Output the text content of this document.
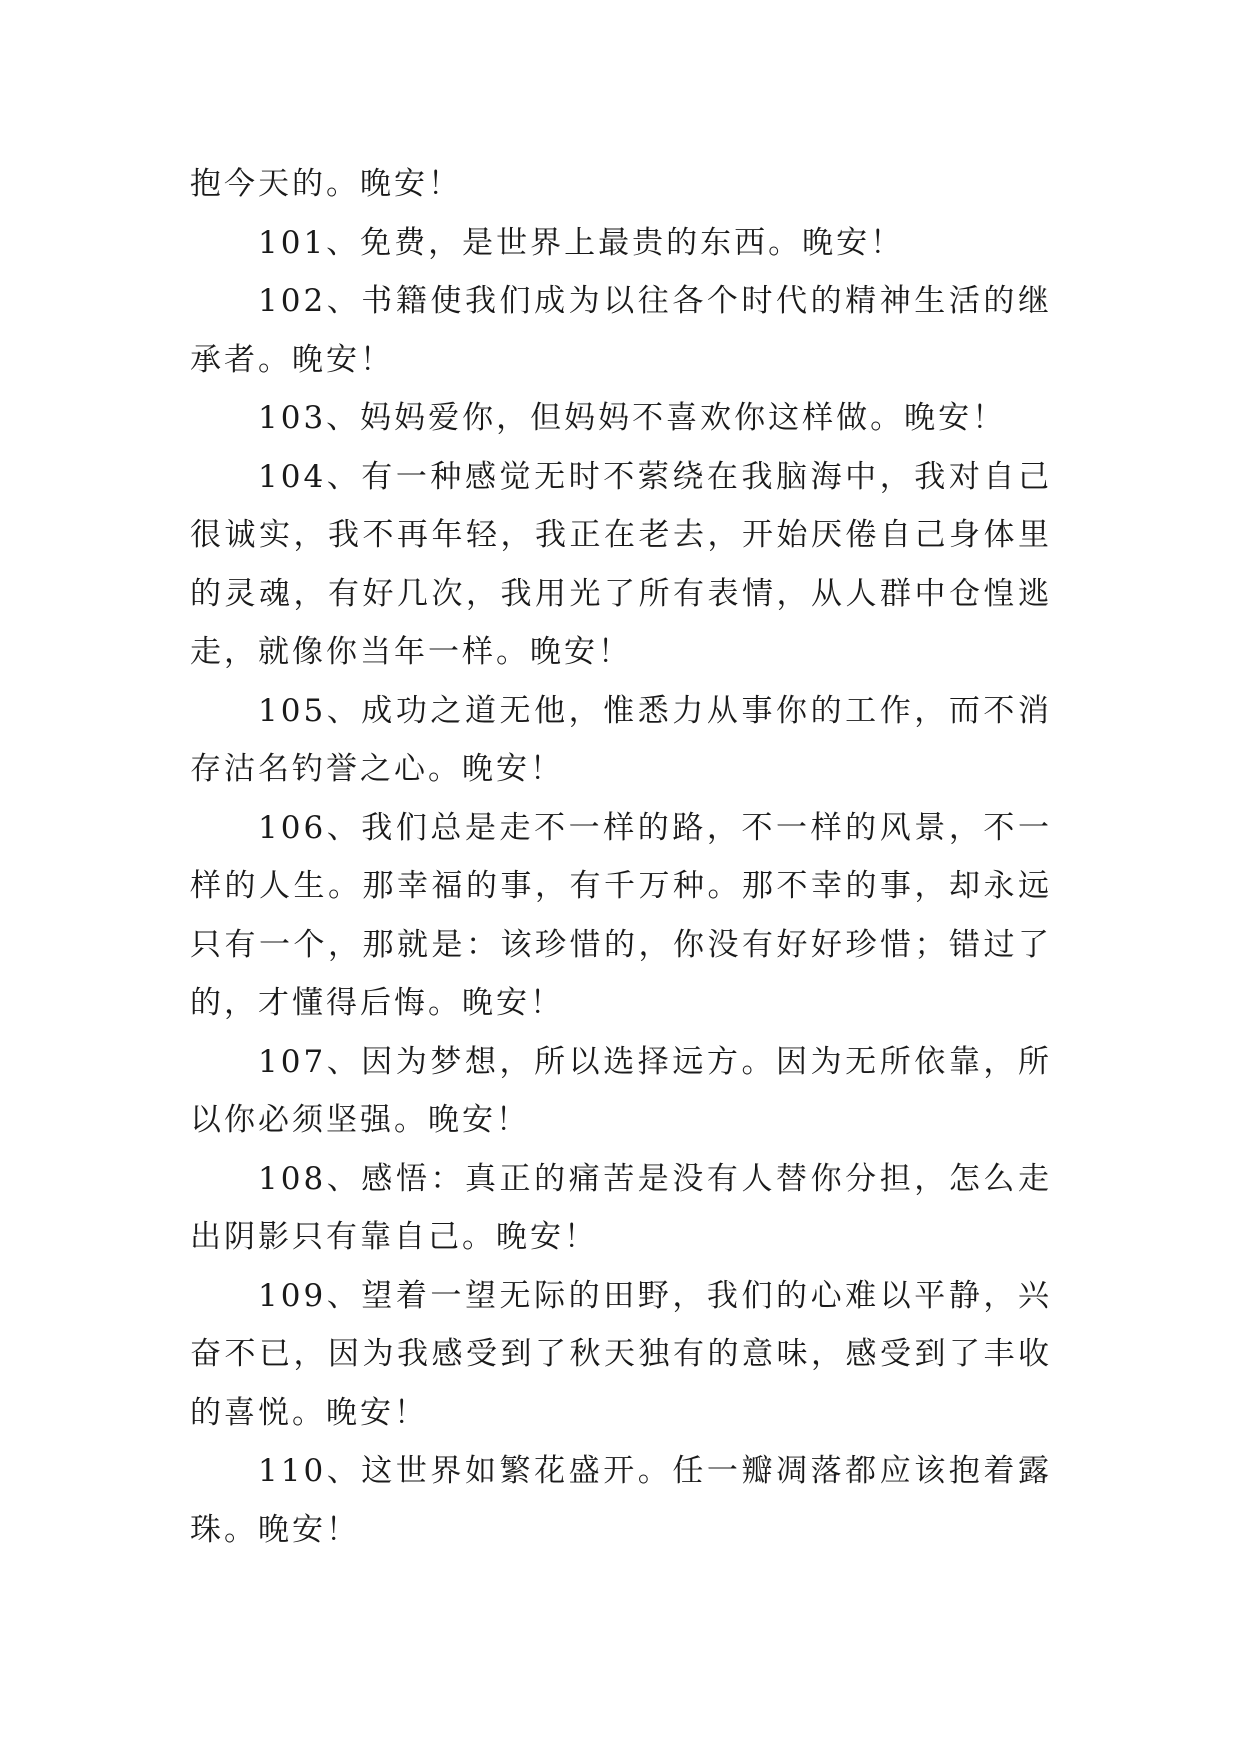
抱今天的。晚安！

101、免费，是世界上最贵的东西。晚安！

102、书籍使我们成为以往各个时代的精神生活的继承者。晚安！

103、妈妈爱你，但妈妈不喜欢你这样做。晚安！

104、有一种感觉无时不萦绕在我脑海中，我对自己很诚实，我不再年轻，我正在老去，开始厌倦自己身体里的灵魂，有好几次，我用光了所有表情，从人群中仓惶逃走，就像你当年一样。晚安！

105、成功之道无他，惟悉力从事你的工作，而不消存沽名钓誉之心。晚安！

106、我们总是走不一样的路，不一样的风景，不一样的人生。那幸福的事，有千万种。那不幸的事，却永远只有一个，那就是：该珍惜的，你没有好好珍惜；错过了的，才懂得后悔。晚安！

107、因为梦想，所以选择远方。因为无所依靠，所以你必须坚强。晚安！

108、感悟：真正的痛苦是没有人替你分担，怎么走出阴影只有靠自己。晚安！

109、望着一望无际的田野，我们的心难以平静，兴奋不已，因为我感受到了秋天独有的意味，感受到了丰收的喜悦。晚安！

110、这世界如繁花盛开。任一瓣凋落都应该抱着露珠。晚安！
